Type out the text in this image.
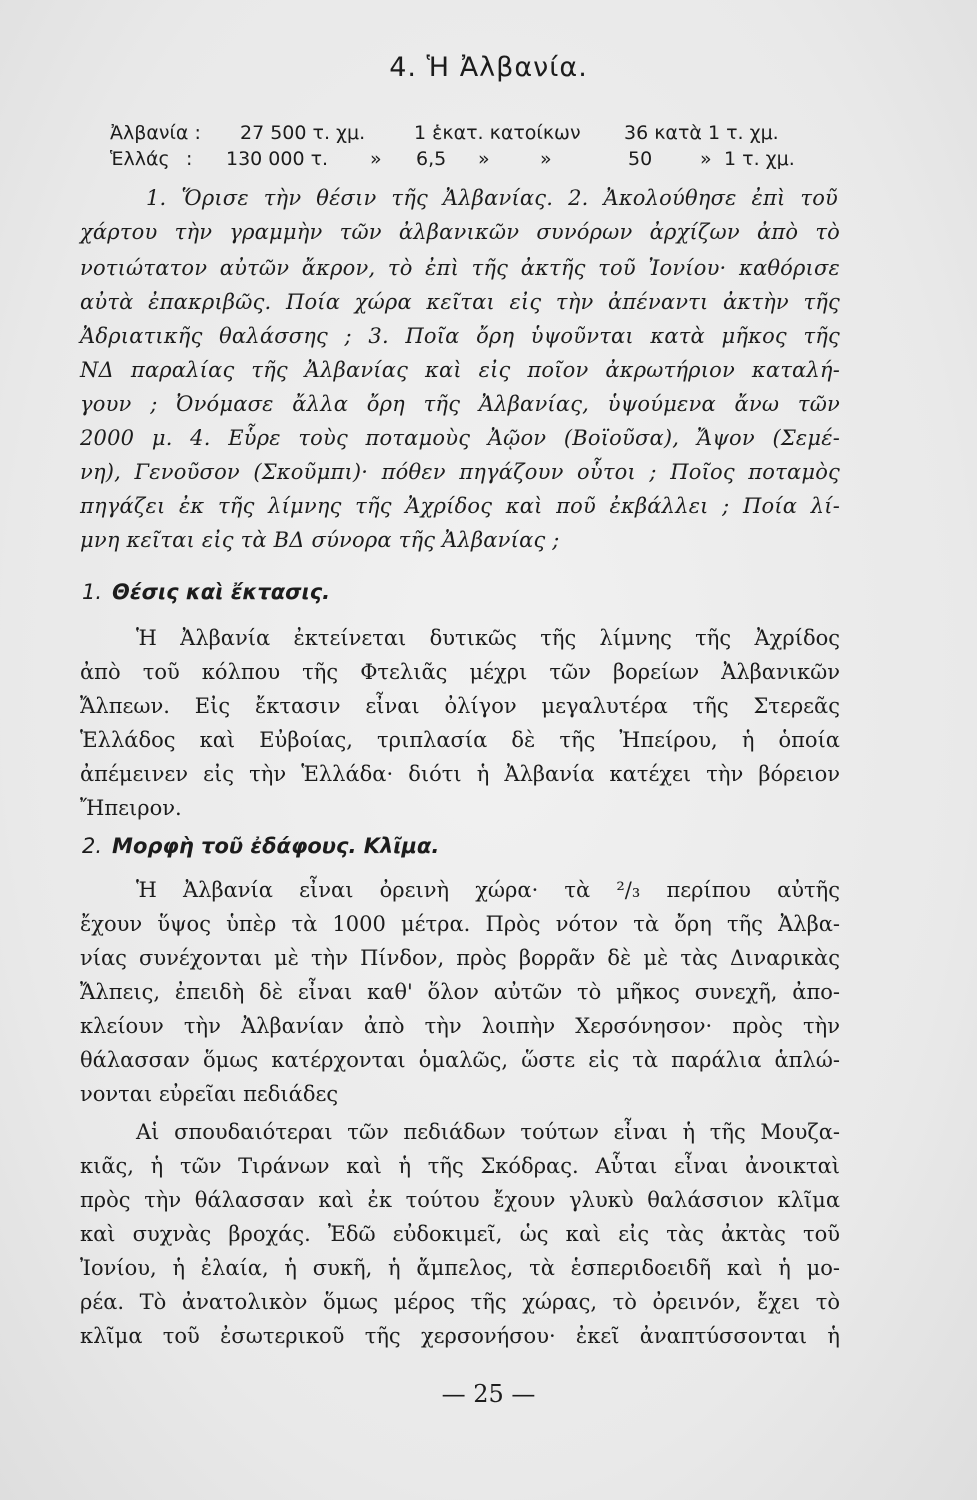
4. Ἡ Ἀλβανία.
Ἀλβανία : 27 500 τ. χμ.	1 ἑκατ. κατοίκων 36 κατὰ 1 τ. χμ.
Ἑλλάς : 130 000 τ. » 6,5 »	»	50	» 1 τ. χμ.
1. Ὅρισε τὴν θέσιν τῆς Ἀλβανίας. 2. Ἀκολούθησε ἐπὶ τοῦ
χάρτου τὴν γραμμὴν τῶν ἀλβανικῶν συνόρων ἀρχίζων ἀπὸ τὸ
νοτιώτατον αὐτῶν ἄκρον, τὸ ἐπὶ τῆς ἀκτῆς τοῦ Ἰονίου· καθόρισε
αὐτὰ ἐπακριβῶς. Ποία χώρα κεῖται εἰς τὴν ἀπέναντι ἀκτὴν τῆς
Ἀδριατικῆς θαλάσσης ; 3. Ποῖα ὄρη ὑψοῦνται κατὰ μῆκος τῆς
ΝΔ παραλίας τῆς Ἀλβανίας καὶ εἰς ποῖον ἀκρωτήριον καταλή-
γουν ; Ὀνόμασε ἄλλα ὄρη τῆς Ἀλβανίας, ὑψούμενα ἄνω τῶν
2000 μ. 4. Εὗρε τοὺς ποταμοὺς Ἀῷον (Βοϊοῦσα), Ἄψον (Σεμέ-
νη), Γενοῦσον (Σκοῦμπι)· πόθεν πηγάζουν οὗτοι ; Ποῖος ποταμὸς
πηγάζει ἐκ τῆς λίμνης τῆς Ἀχρίδος καὶ ποῦ ἐκβάλλει ; Ποία λί-
μνη κεῖται εἰς τὰ ΒΔ σύνορα τῆς Ἀλβανίας ;
1. Θέσις καὶ ἔκτασις.
Ἡ Ἀλβανία ἐκτείνεται δυτικῶς τῆς λίμνης τῆς Ἀχρίδος
ἀπὸ τοῦ κόλπου τῆς Φτελιᾶς μέχρι τῶν βορείων Ἀλβανικῶν
Ἄλπεων. Εἰς ἔκτασιν εἶναι ὀλίγον μεγαλυτέρα τῆς Στερεᾶς
Ἑλλάδος καὶ Εὐβοίας, τριπλασία δὲ τῆς Ἠπείρου, ἡ ὁποία
ἀπέμεινεν εἰς τὴν Ἑλλάδα· διότι ἡ Ἀλβανία κατέχει τὴν βόρειον
Ἤπειρον.
2. Μορφὴ τοῦ ἐδάφους. Κλῖμα.
Ἡ Ἀλβανία εἶναι ὀρεινὴ χώρα· τὰ ²/₃ περίπου αὐτῆς
ἔχουν ὕψος ὑπὲρ τὰ 1000 μέτρα. Πρὸς νότον τὰ ὄρη τῆς Ἀλβα-
νίας συνέχονται μὲ τὴν Πίνδον, πρὸς βορρᾶν δὲ μὲ τὰς Διναρικὰς
Ἄλπεις, ἐπειδὴ δὲ εἶναι καθ' ὅλον αὐτῶν τὸ μῆκος συνεχῆ, ἀπο-
κλείουν τὴν Ἀλβανίαν ἀπὸ τὴν λοιπὴν Χερσόνησον· πρὸς τὴν
θάλασσαν ὅμως κατέρχονται ὁμαλῶς, ὥστε εἰς τὰ παράλια ἁπλώ-
νονται εὐρεῖαι πεδιάδες
Αἱ σπουδαιότεραι τῶν πεδιάδων τούτων εἶναι ἡ τῆς Μουζα-
κιᾶς, ἡ τῶν Τιράνων καὶ ἡ τῆς Σκόδρας. Αὗται εἶναι ἀνοικταὶ
πρὸς τὴν θάλασσαν καὶ ἐκ τούτου ἔχουν γλυκὺ θαλάσσιον κλῖμα
καὶ συχνὰς βροχάς. Ἐδῶ εὐδοκιμεῖ, ὡς καὶ εἰς τὰς ἀκτὰς τοῦ
Ἰονίου, ἡ ἐλαία, ἡ συκῆ, ἡ ἄμπελος, τὰ ἑσπεριδοειδῆ καὶ ἡ μο-
ρέα. Τὸ ἀνατολικὸν ὅμως μέρος τῆς χώρας, τὸ ὀρεινόν, ἔχει τὸ
κλῖμα τοῦ ἐσωτερικοῦ τῆς χερσονήσου· ἐκεῖ ἀναπτύσσονται ἡ
— 25 —
